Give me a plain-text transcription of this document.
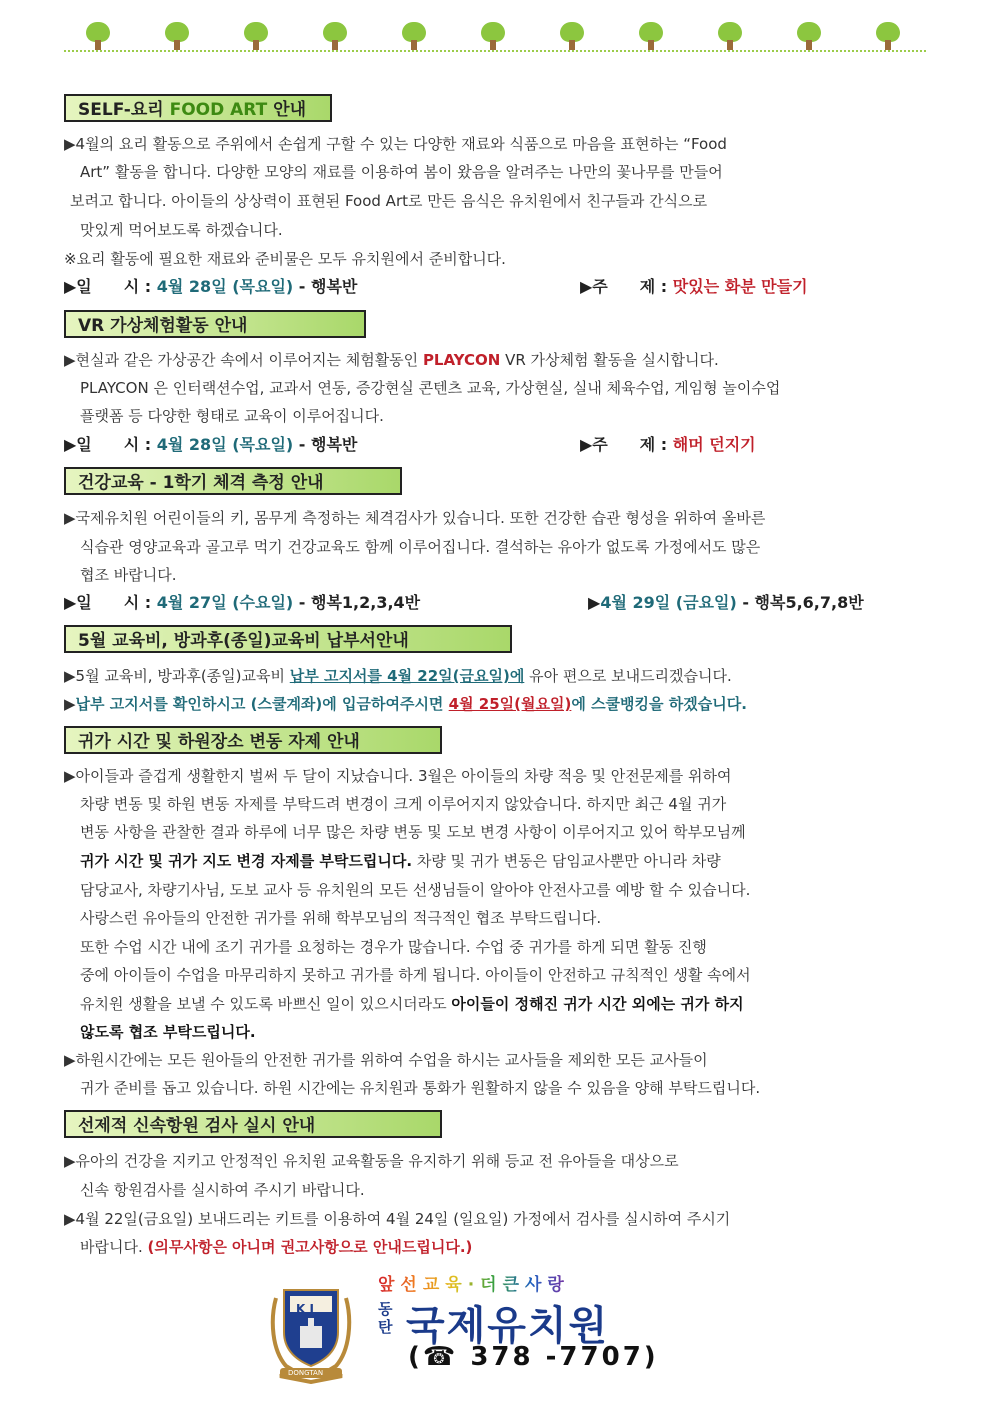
SELF-요리 FOOD ART 안내
▶4월의 요리 활동으로 주위에서 손쉽게 구할 수 있는 다양한 재료와 식품으로 마음을 표현하는 “Food
Art” 활동을 합니다. 다양한 모양의 재료를 이용하여 봄이 왔음을 알려주는 나만의 꽃나무를 만들어
보려고 합니다. 아이들의 상상력이 표현된 Food Art로 만든 음식은 유치원에서 친구들과 간식으로
맛있게 먹어보도록 하겠습니다.
※요리 활동에 필요한 재료와 준비물은 모두 유치원에서 준비합니다.
▶일　　시 : 4월 28일 (목요일) - 행복반	▶주　　제 : 맛있는 화분 만들기
VR 가상체험활동 안내
▶현실과 같은 가상공간 속에서 이루어지는 체험활동인 PLAYCON VR 가상체험 활동을 실시합니다.
PLAYCON 은 인터랙션수업, 교과서 연동, 증강현실 콘텐츠 교육, 가상현실, 실내 체육수업, 게임형 놀이수업
플랫폼 등 다양한 형태로 교육이 이루어집니다.
▶일　　시 : 4월 28일 (목요일) - 행복반	▶주　　제 : 해머 던지기
건강교육 - 1학기 체격 측정 안내
▶국제유치원 어린이들의 키, 몸무게 측정하는 체격검사가 있습니다. 또한 건강한 습관 형성을 위하여 올바른
식습관 영양교육과 골고루 먹기 건강교육도 함께 이루어집니다. 결석하는 유아가 없도록 가정에서도 많은
협조 바랍니다.
▶일　　시 : 4월 27일 (수요일) - 행복1,2,3,4반	▶4월 29일 (금요일) - 행복5,6,7,8반
5월 교육비, 방과후(종일)교육비 납부서안내
▶5월 교육비, 방과후(종일)교육비 납부 고지서를 4월 22일(금요일)에 유아 편으로 보내드리겠습니다.
▶납부 고지서를 확인하시고 (스쿨계좌)에 입금하여주시면 4월 25일(월요일)에 스쿨뱅킹을 하겠습니다.
귀가 시간 및 하원장소 변동 자제 안내
▶아이들과 즐겁게 생활한지 벌써 두 달이 지났습니다. 3월은 아이들의 차량 적응 및 안전문제를 위하여
차량 변동 및 하원 변동 자제를 부탁드려 변경이 크게 이루어지지 않았습니다. 하지만 최근 4월 귀가
변동 사항을 관찰한 결과 하루에 너무 많은 차량 변동 및 도보 변경 사항이 이루어지고 있어 학부모님께
귀가 시간 및 귀가 지도 변경 자제를 부탁드립니다. 차량 및 귀가 변동은 담임교사뿐만 아니라 차량
담당교사, 차량기사님, 도보 교사 등 유치원의 모든 선생님들이 알아야 안전사고를 예방 할 수 있습니다.
사랑스런 유아들의 안전한 귀가를 위해 학부모님의 적극적인 협조 부탁드립니다.
또한 수업 시간 내에 조기 귀가를 요청하는 경우가 많습니다. 수업 중 귀가를 하게 되면 활동 진행
중에 아이들이 수업을 마무리하지 못하고 귀가를 하게 됩니다. 아이들이 안전하고 규칙적인 생활 속에서
유치원 생활을 보낼 수 있도록 바쁘신 일이 있으시더라도 아이들이 정해진 귀가 시간 외에는 귀가 하지
않도록 협조 부탁드립니다.
▶하원시간에는 모든 원아들의 안전한 귀가를 위하여 수업을 하시는 교사들을 제외한 모든 교사들이
귀가 준비를 돕고 있습니다. 하원 시간에는 유치원과 통화가 원활하지 않을 수 있음을 양해 부탁드립니다.
선제적 신속항원 검사 실시 안내
▶유아의 건강을 지키고 안정적인 유치원 교육활동을 유지하기 위해 등교 전 유아들을 대상으로
신속 항원검사를 실시하여 주시기 바랍니다.
▶4월 22일(금요일) 보내드리는 키트를 이용하여 4월 24일 (일요일) 가정에서 검사를 실시하여 주시기
바랍니다. (의무사항은 아니며 권고사항으로 안내드립니다.)
K J
DONGTAN
앞선교육·더큰사랑
동탄 국제유치원
(☎ 378 -7707)
